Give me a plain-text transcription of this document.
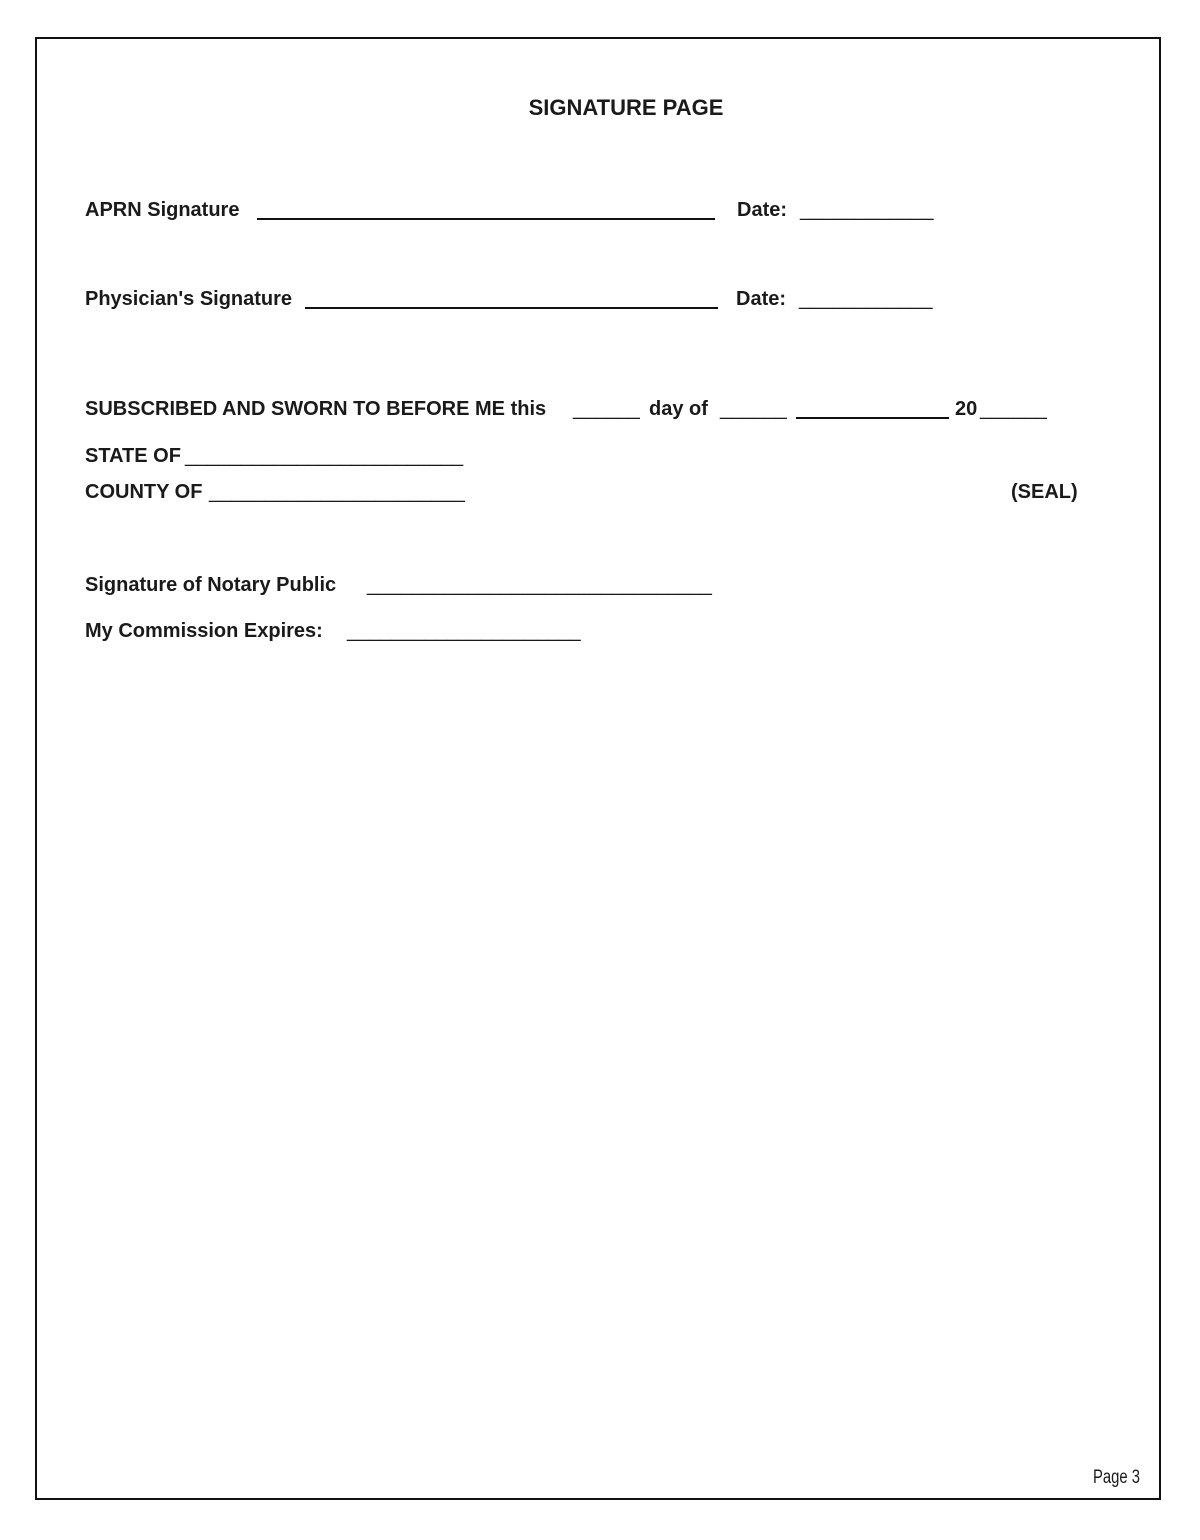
SIGNATURE PAGE
APRN Signature	Date: ____________
Physician's Signature	Date: ____________
SUBSCRIBED AND SWORN TO BEFORE ME this ______ day of ______	20 ______
STATE OF _________________________
COUNTY OF _______________________	(SEAL)
Signature of Notary Public _______________________________
My Commission Expires: _____________________
Page 3
